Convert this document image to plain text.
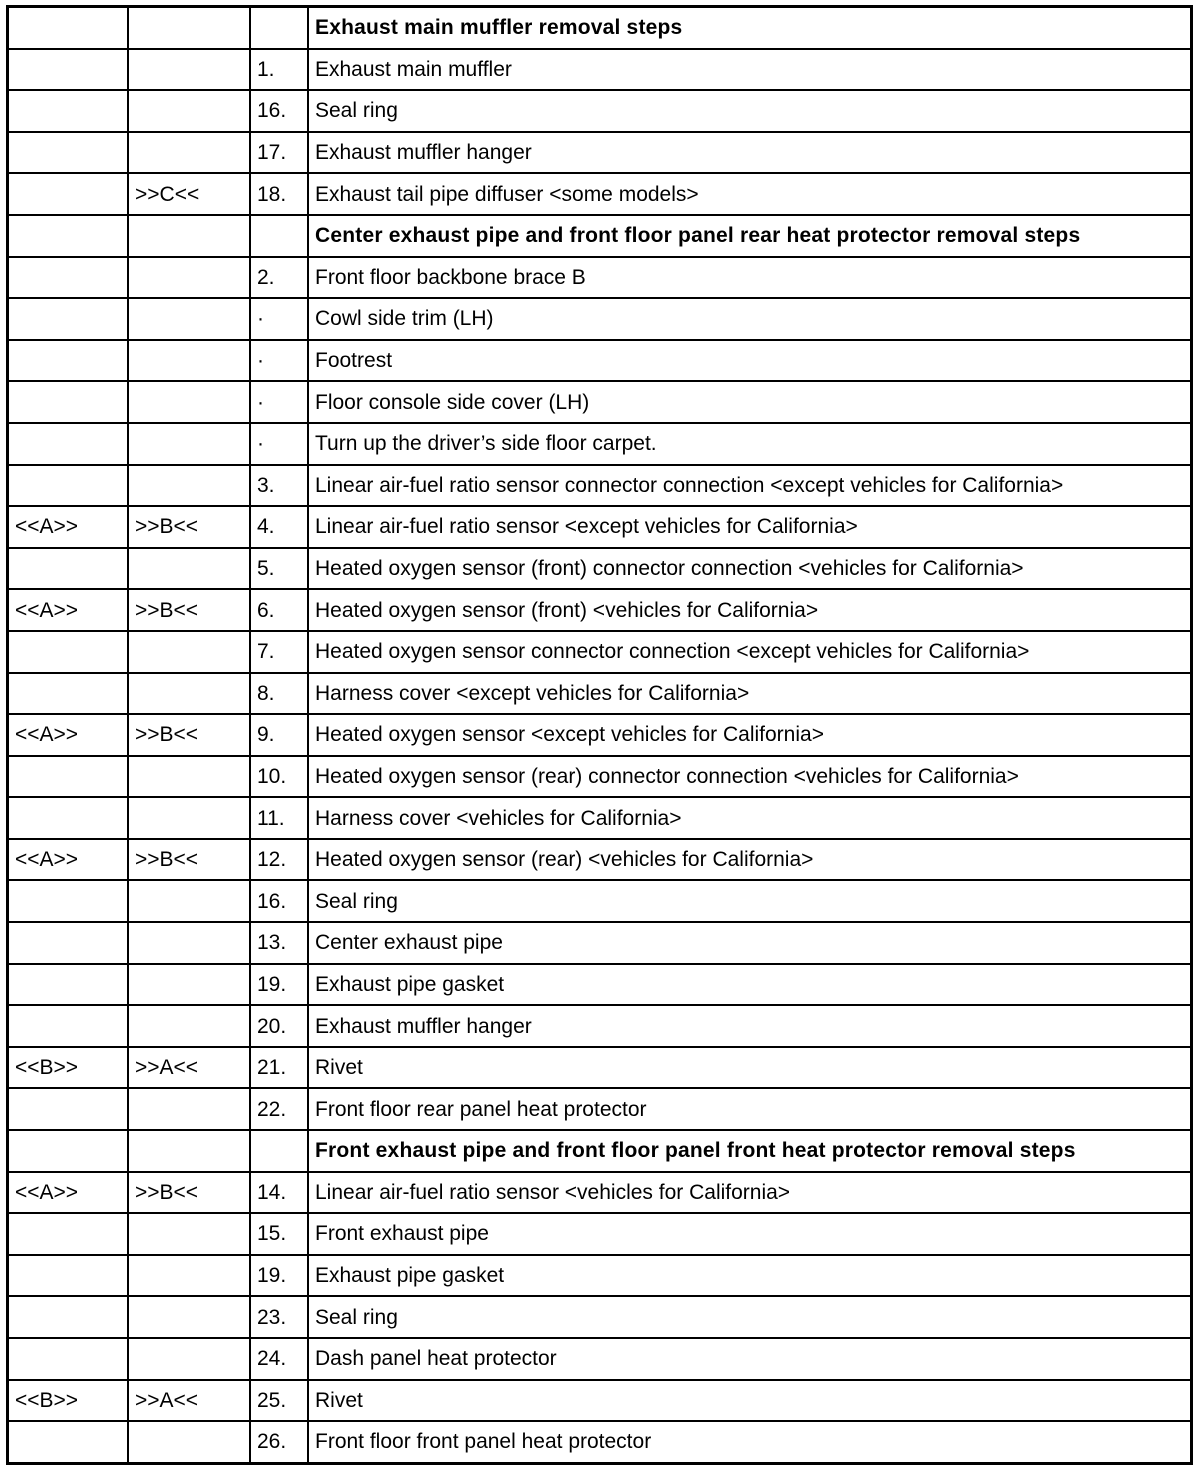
			Exhaust main muffler removal steps
		1.	Exhaust main muffler
		16.	Seal ring
		17.	Exhaust muffler hanger
	>>C<<	18.	Exhaust tail pipe diffuser <some models>
			Center exhaust pipe and front floor panel rear heat protector removal steps
		2.	Front floor backbone brace B
		·	Cowl side trim (LH)
		·	Footrest
		·	Floor console side cover (LH)
		·	Turn up the driver’s side floor carpet.
		3.	Linear air-fuel ratio sensor connector connection <except vehicles for California>
<<A>>	>>B<<	4.	Linear air-fuel ratio sensor <except vehicles for California>
		5.	Heated oxygen sensor (front) connector connection <vehicles for California>
<<A>>	>>B<<	6.	Heated oxygen sensor (front) <vehicles for California>
		7.	Heated oxygen sensor connector connection <except vehicles for California>
		8.	Harness cover <except vehicles for California>
<<A>>	>>B<<	9.	Heated oxygen sensor <except vehicles for California>
		10.	Heated oxygen sensor (rear) connector connection <vehicles for California>
		11.	Harness cover <vehicles for California>
<<A>>	>>B<<	12.	Heated oxygen sensor (rear) <vehicles for California>
		16.	Seal ring
		13.	Center exhaust pipe
		19.	Exhaust pipe gasket
		20.	Exhaust muffler hanger
<<B>>	>>A<<	21.	Rivet
		22.	Front floor rear panel heat protector
			Front exhaust pipe and front floor panel front heat protector removal steps
<<A>>	>>B<<	14.	Linear air-fuel ratio sensor <vehicles for California>
		15.	Front exhaust pipe
		19.	Exhaust pipe gasket
		23.	Seal ring
		24.	Dash panel heat protector
<<B>>	>>A<<	25.	Rivet
		26.	Front floor front panel heat protector
